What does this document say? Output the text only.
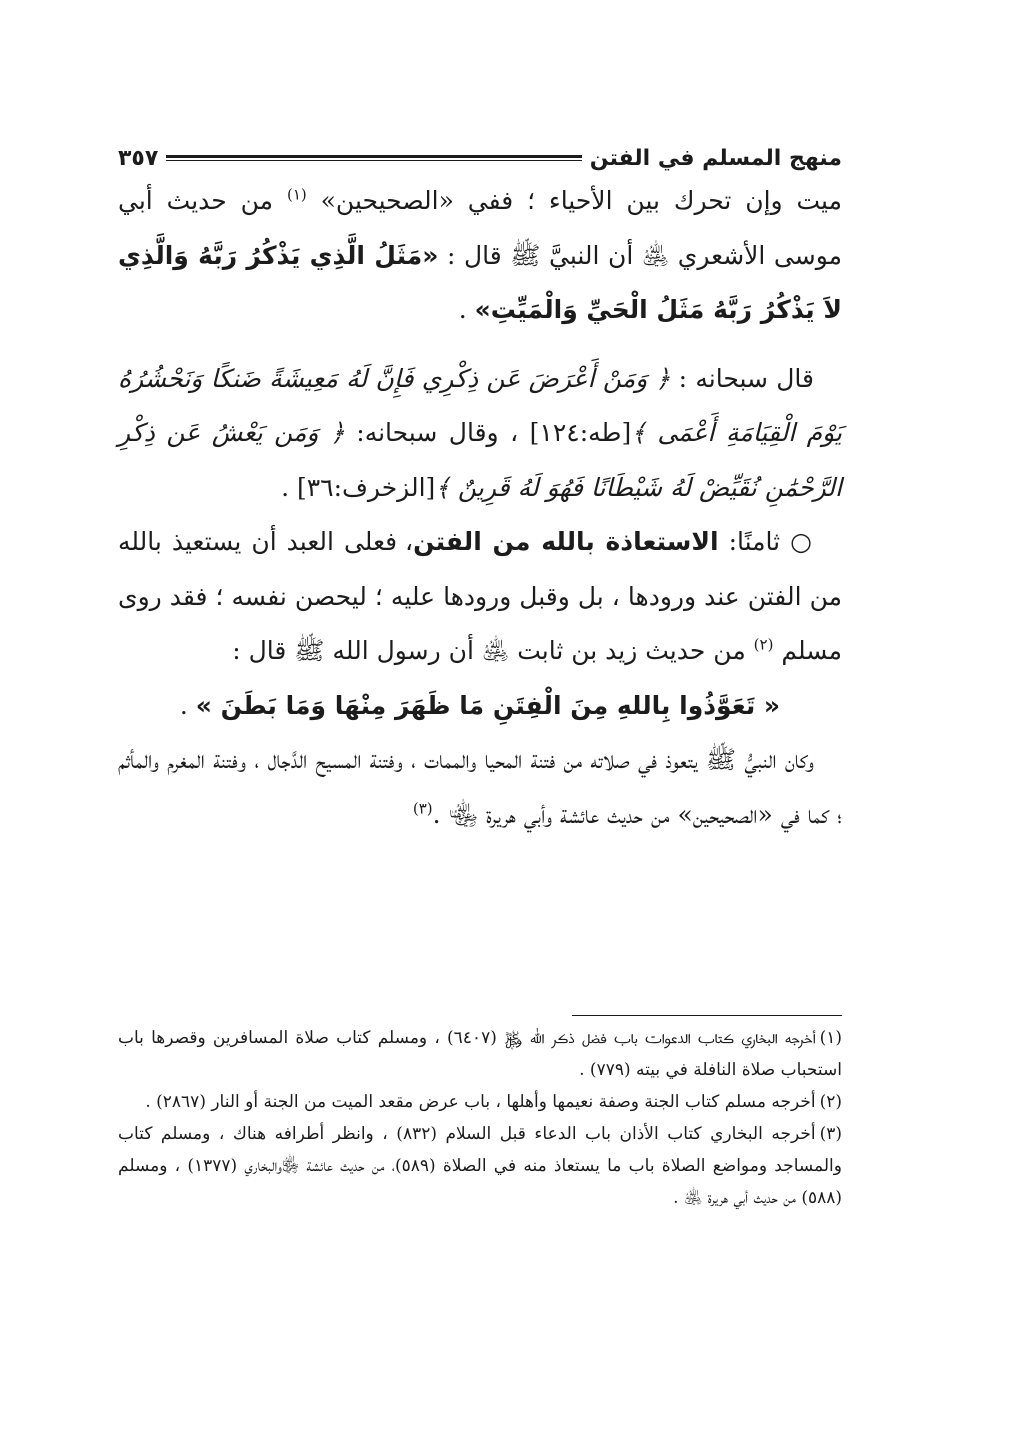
منهج المسلم في الفتن
٣٥٧

ميت وإن تحرك بين الأحياء ؛ ففي «الصحيحين» $^{(١)}$ من حديث أبي موسى الأشعري ﵁ أن النبيَّ ﷺ قال : «مَثَلُ الَّذِي يَذْكُرُ رَبَّهُ وَالَّذِي لاَ يَذْكُرُ رَبَّهُ مَثَلُ الْحَيِّ وَالْمَيِّتِ» .

قال سبحانه : ﴿ وَمَنْ أَعْرَضَ عَن ذِكْرِي فَإِنَّ لَهُ مَعِيشَةً ضَنكًا وَنَحْشُرُهُ يَوْمَ الْقِيَامَةِ أَعْمَى ﴾[طه:١٢٤] ، وقال سبحانه: ﴿ وَمَن يَعْشُ عَن ذِكْرِ الرَّحْمَٰنِ نُقَيِّضْ لَهُ شَيْطَانًا فَهُوَ لَهُ قَرِينٌ ﴾[الزخرف:٣٦] .

○ ثامنًا: الاستعاذة بالله من الفتن، فعلى العبد أن يستعيذ بالله من الفتن عند ورودها ، بل وقبل ورودها عليه ؛ ليحصن نفسه ؛ فقد روى مسلم $^{(٢)}$ من حديث زيد بن ثابت ﵁ أن رسول الله ﷺ قال :

« تَعَوَّذُوا بِاللهِ مِنَ الْفِتَنِ مَا ظَهَرَ مِنْهَا وَمَا بَطَنَ » .

وكان النبيُّ ﷺ يتعوذ في صلاته من فتنة المحيا والممات ، وفتنة المسيح الدَّجال ، وفتنة المغرم والمأثم ؛ كما في «الصحيحين» من حديث عائشة وأبي هريرة ﵄ .$^{(٣)}$

(١)أخرجه البخاري كتاب الدعوات باب فضل ذكر الله ﷿ (٦٤٠٧) ، ومسلم كتاب صلاة المسافرين وقصرها باب استحباب صلاة النافلة في بيته (٧٧٩) .

(٢)أخرجه مسلم كتاب الجنة وصفة نعيمها وأهلها ، باب عرض مقعد الميت من الجنة أو النار (٢٨٦٧) .

(٣)أخرجه البخاري كتاب الأذان باب الدعاء قبل السلام (٨٣٢) ، وانظر أطرافه هناك ، ومسلم كتاب والمساجد ومواضع الصلاة باب ما يستعاذ منه في الصلاة (٥٨٩)، من حديث عائشة ﵂والبخاري (١٣٧٧) ، ومسلم (٥٨٨) من حديث أبي هريرة ﵁ .
